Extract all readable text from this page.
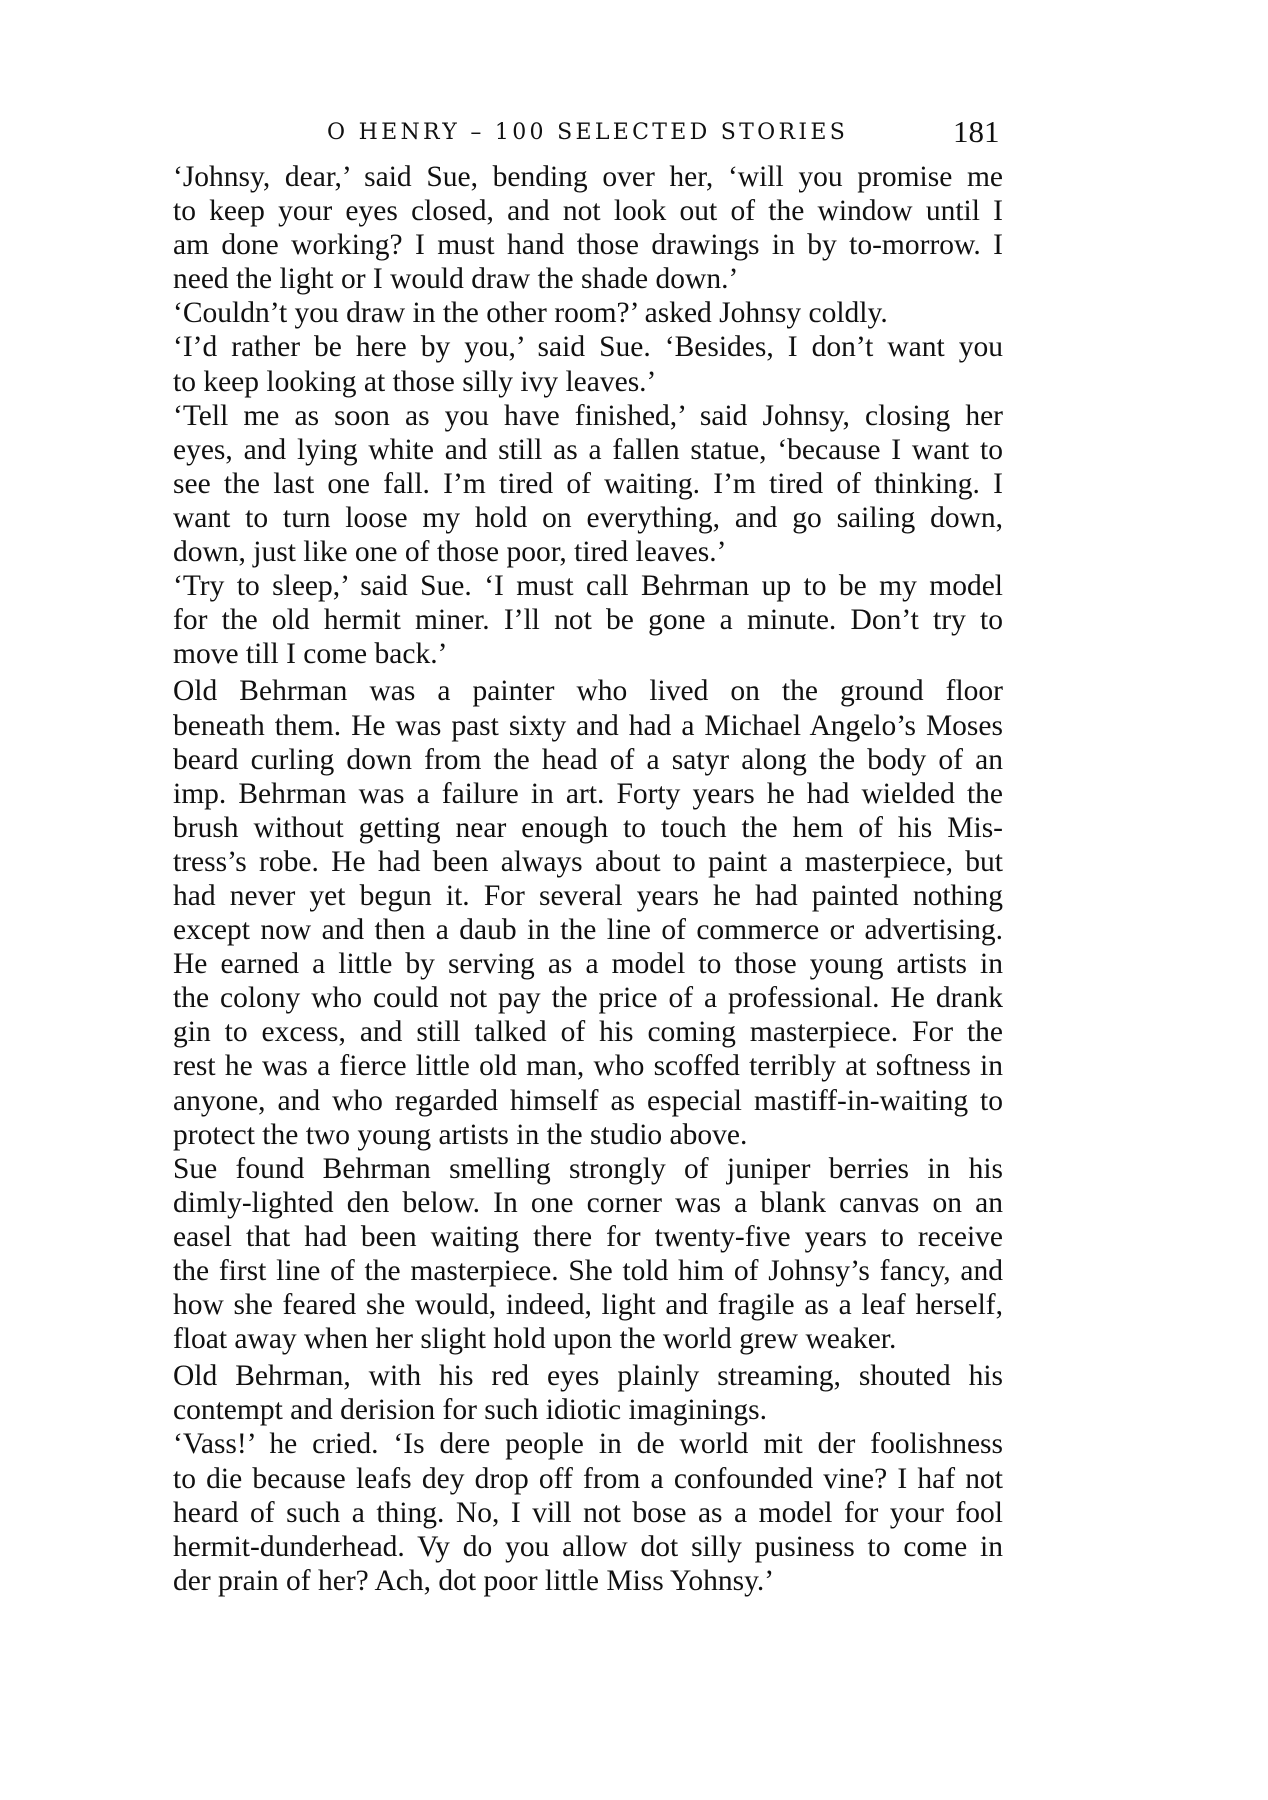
O HENRY – 100 SELECTED STORIES	181
‘Johnsy, dear,’ said Sue, bending over her, ‘will you promise me
to keep your eyes closed, and not look out of the window until I
am done working? I must hand those drawings in by to-morrow. I
need the light or I would draw the shade down.’
‘Couldn’t you draw in the other room?’ asked Johnsy coldly.
‘I’d rather be here by you,’ said Sue. ‘Besides, I don’t want you
to keep looking at those silly ivy leaves.’
‘Tell me as soon as you have finished,’ said Johnsy, closing her
eyes, and lying white and still as a fallen statue, ‘because I want to
see the last one fall. I’m tired of waiting. I’m tired of thinking. I
want to turn loose my hold on everything, and go sailing down,
down, just like one of those poor, tired leaves.’
‘Try to sleep,’ said Sue. ‘I must call Behrman up to be my model
for the old hermit miner. I’ll not be gone a minute. Don’t try to
move till I come back.’
Old Behrman was a painter who lived on the ground floor
beneath them. He was past sixty and had a Michael Angelo’s Moses
beard curling down from the head of a satyr along the body of an
imp. Behrman was a failure in art. Forty years he had wielded the
brush without getting near enough to touch the hem of his Mis-
tress’s robe. He had been always about to paint a masterpiece, but
had never yet begun it. For several years he had painted nothing
except now and then a daub in the line of commerce or advertising.
He earned a little by serving as a model to those young artists in
the colony who could not pay the price of a professional. He drank
gin to excess, and still talked of his coming masterpiece. For the
rest he was a fierce little old man, who scoffed terribly at softness in
anyone, and who regarded himself as especial mastiff-in-waiting to
protect the two young artists in the studio above.
Sue found Behrman smelling strongly of juniper berries in his
dimly-lighted den below. In one corner was a blank canvas on an
easel that had been waiting there for twenty-five years to receive
the first line of the masterpiece. She told him of Johnsy’s fancy, and
how she feared she would, indeed, light and fragile as a leaf herself,
float away when her slight hold upon the world grew weaker.
Old Behrman, with his red eyes plainly streaming, shouted his
contempt and derision for such idiotic imaginings.
‘Vass!’ he cried. ‘Is dere people in de world mit der foolishness
to die because leafs dey drop off from a confounded vine? I haf not
heard of such a thing. No, I vill not bose as a model for your fool
hermit-dunderhead. Vy do you allow dot silly pusiness to come in
der prain of her? Ach, dot poor little Miss Yohnsy.’
